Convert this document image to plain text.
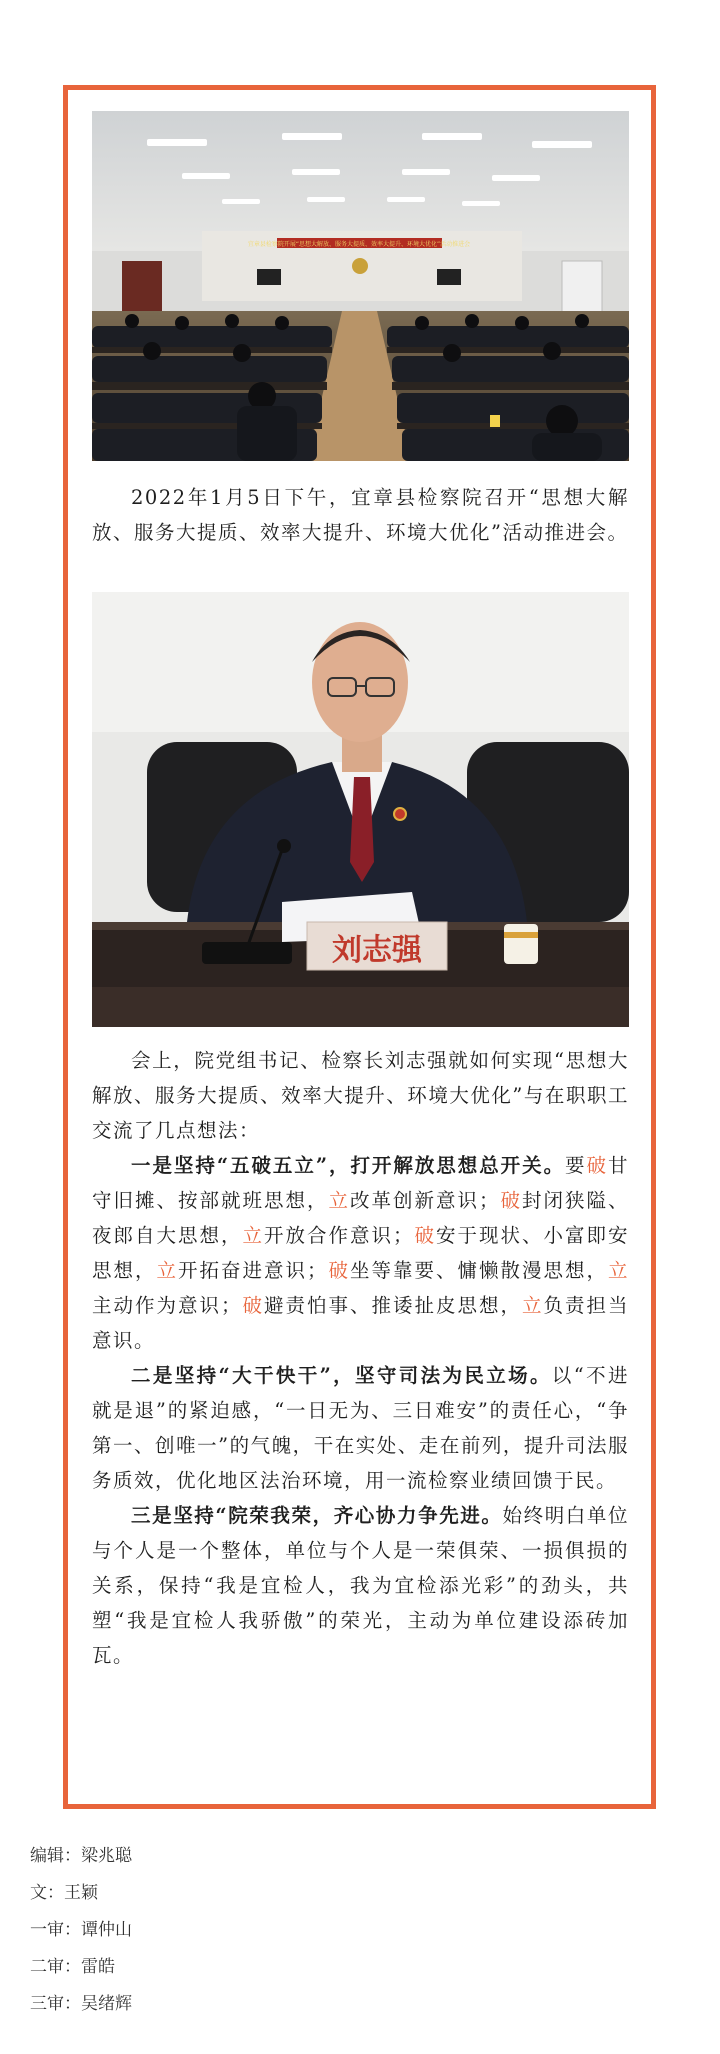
宜章县检察院开展“思想大解放、服务大提质、效率大提升、环境大优化”活动推进会

2022年1月5日下午，宜章县检察院召开“思想大解放、服务大提质、效率大提升、环境大优化”活动推进会。

刘志强

会上，院党组书记、检察长刘志强就如何实现“思想大解放、服务大提质、效率大提升、环境大优化”与在职职工交流了几点想法：

一是坚持“五破五立”，打开解放思想总开关。要破甘守旧摊、按部就班思想，立改革创新意识；破封闭狭隘、夜郎自大思想，立开放合作意识；破安于现状、小富即安思想，立开拓奋进意识；破坐等靠要、慵懒散漫思想，立主动作为意识；破避责怕事、推诿扯皮思想，立负责担当意识。

二是坚持“大干快干”，坚守司法为民立场。以“不进就是退”的紧迫感，“一日无为、三日难安”的责任心，“争第一、创唯一”的气魄，干在实处、走在前列，提升司法服务质效，优化地区法治环境，用一流检察业绩回馈于民。

三是坚持“院荣我荣，齐心协力争先进。始终明白单位与个人是一个整体，单位与个人是一荣俱荣、一损俱损的关系，保持“我是宜检人，我为宜检添光彩”的劲头，共塑“我是宜检人我骄傲”的荣光，主动为单位建设添砖加瓦。

编辑：梁兆聪
文：王颖
一审：谭仲山
二审：雷皓
三审：吴绪辉
